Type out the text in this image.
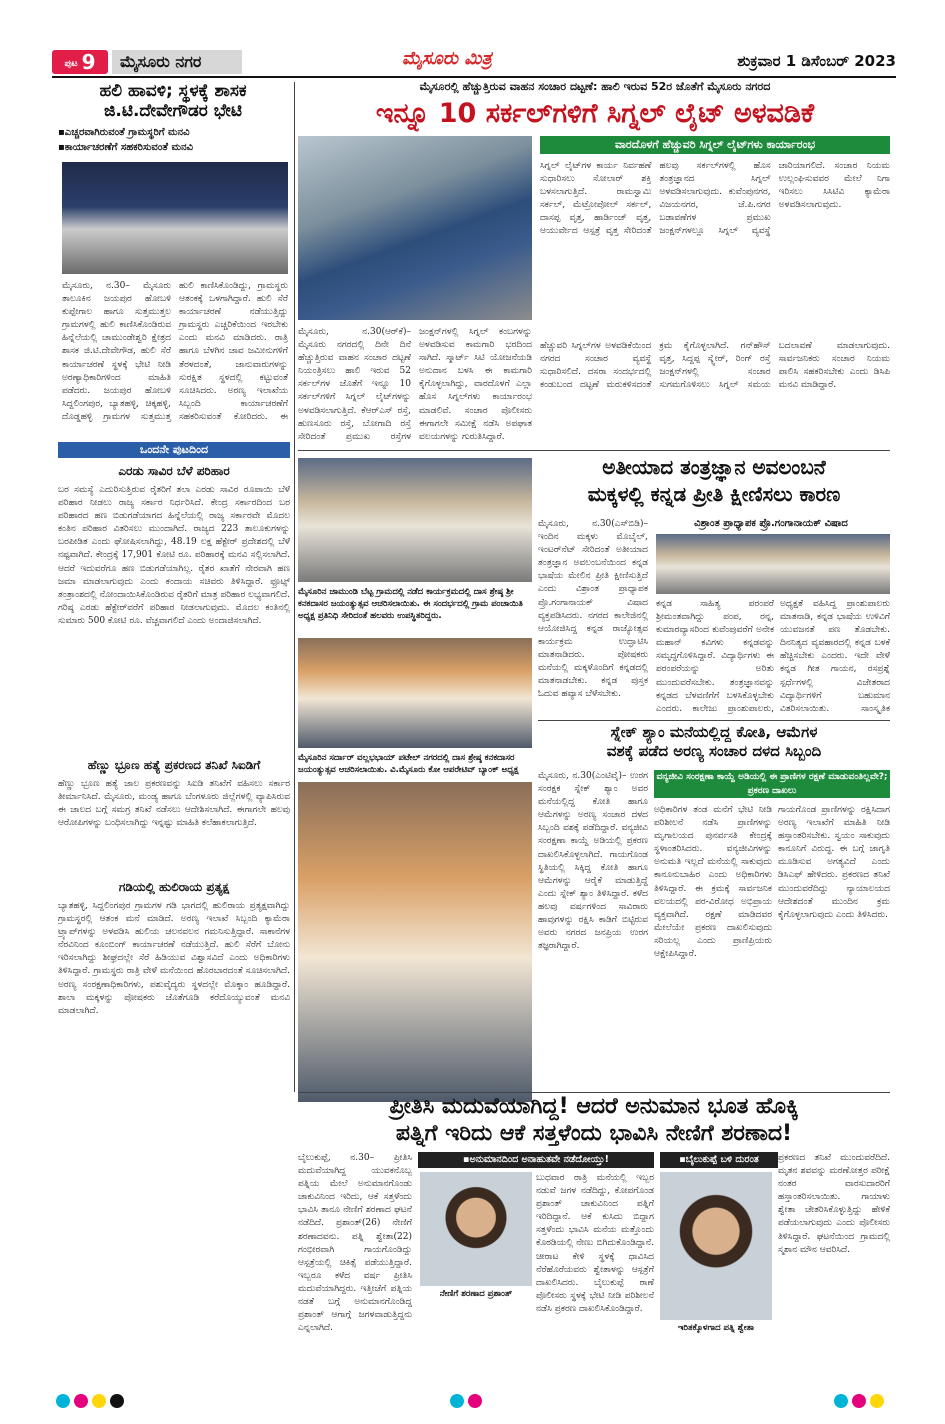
ಪುಟ 9	ಮೈಸೂರು ನಗರ	ಮೈಸೂರು ಮಿತ್ರ	ಶುಕ್ರವಾರ 1 ಡಿಸೆಂಬರ್ 2023
ಹಲಿ ಹಾವಳಿ; ಸ್ಥಳಕ್ಕೆ ಶಾಸಕ ಜಿ.ಟಿ.ದೇವೇಗೌಡರ ಭೇಟಿ
▪ಎಚ್ಚರವಾಗಿರುವಂತೆ ಗ್ರಾಮಸ್ಥರಿಗೆ ಮನವಿ
▪ಕಾರ್ಯಾಚರಣೆಗೆ ಸಹಕರಿಸುವಂತೆ ಮನವಿ
ಮೈಸೂರು, ನ.30– ಮೈಸೂರು ತಾಲೂಕಿನ ಜಯಪುರ ಹೋಬಳಿ ಕುಪ್ಪೇಗಾಲ ಹಾಗೂ ಸುತ್ತಮುತ್ತಲ ಗ್ರಾಮಗಳಲ್ಲಿ ಹುಲಿ ಕಾಣಿಸಿಕೊಂಡಿರುವ ಹಿನ್ನೆಲೆಯಲ್ಲಿ ಚಾಮುಂಡೇಶ್ವರಿ ಕ್ಷೇತ್ರದ ಶಾಸಕ ಜಿ.ಟಿ.ದೇವೇಗೌಡ, ಹುಲಿ ಸೆರೆ ಕಾರ್ಯಾಚರಣೆ ಸ್ಥಳಕ್ಕೆ ಭೇಟಿ ನೀಡಿ ಅರಣ್ಯಾಧಿಕಾರಿಗಳಿಂದ ಮಾಹಿತಿ ಪಡೆದರು. ಜಯಪುರ ಹೋಬಳಿ ಸಿದ್ದಲಿಂಗಪುರ, ಬ್ಯಾತಹಳ್ಳಿ, ಚಿಕ್ಕಹಳ್ಳಿ, ದೊಡ್ಡಹಳ್ಳಿ ಗ್ರಾಮಗಳ ಸುತ್ತಮುತ್ತ ಹುಲಿ ಕಾಣಿಸಿಕೊಂಡಿದ್ದು, ಗ್ರಾಮಸ್ಥರು ಆತಂಕಕ್ಕೆ ಒಳಗಾಗಿದ್ದಾರೆ. ಹುಲಿ ಸೆರೆ ಕಾರ್ಯಾಚರಣೆ ನಡೆಯುತ್ತಿದ್ದು ಗ್ರಾಮಸ್ಥರು ಎಚ್ಚರಿಕೆಯಿಂದ ಇರಬೇಕು ಎಂದು ಮನವಿ ಮಾಡಿದರು. ರಾತ್ರಿ ಹಾಗೂ ಬೆಳಗಿನ ಜಾವ ಜಮೀನುಗಳಿಗೆ ತೆರಳದಂತೆ, ಜಾನುವಾರುಗಳನ್ನು ಸುರಕ್ಷಿತ ಸ್ಥಳದಲ್ಲಿ ಕಟ್ಟುವಂತೆ ಸೂಚಿಸಿದರು. ಅರಣ್ಯ ಇಲಾಖೆಯ ಸಿಬ್ಬಂದಿ ಕಾರ್ಯಾಚರಣೆಗೆ ಸಹಕರಿಸುವಂತೆ ಕೋರಿದರು. ಈ
ಒಂದನೇ ಪುಟದಿಂದ
ಎರಡು ಸಾವಿರ ಬೆಳೆ ಪರಿಹಾರ
ಬರ ಸಮಸ್ಯೆ ಎದುರಿಸುತ್ತಿರುವ ರೈತರಿಗೆ ತಲಾ ಎರಡು ಸಾವಿರ ರೂಪಾಯಿ ಬೆಳೆ ಪರಿಹಾರ ನೀಡಲು ರಾಜ್ಯ ಸರ್ಕಾರ ನಿರ್ಧರಿಸಿದೆ. ಕೇಂದ್ರ ಸರ್ಕಾರದಿಂದ ಬರ ಪರಿಹಾರದ ಹಣ ಬಿಡುಗಡೆಯಾಗದ ಹಿನ್ನೆಲೆಯಲ್ಲಿ ರಾಜ್ಯ ಸರ್ಕಾರವೇ ಮೊದಲ ಕಂತಿನ ಪರಿಹಾರ ವಿತರಿಸಲು ಮುಂದಾಗಿದೆ. ರಾಜ್ಯದ 223 ತಾಲೂಕುಗಳನ್ನು ಬರಪೀಡಿತ ಎಂದು ಘೋಷಿಸಲಾಗಿದ್ದು, 48.19 ಲಕ್ಷ ಹೆಕ್ಟೇರ್ ಪ್ರದೇಶದಲ್ಲಿ ಬೆಳೆ ನಷ್ಟವಾಗಿದೆ. ಕೇಂದ್ರಕ್ಕೆ 17,901 ಕೋಟಿ ರೂ. ಪರಿಹಾರಕ್ಕೆ ಮನವಿ ಸಲ್ಲಿಸಲಾಗಿದೆ. ಆದರೆ ಇದುವರೆಗೂ ಹಣ ಬಿಡುಗಡೆಯಾಗಿಲ್ಲ. ರೈತರ ಖಾತೆಗೆ ನೇರವಾಗಿ ಹಣ ಜಮಾ ಮಾಡಲಾಗುವುದು ಎಂದು ಕಂದಾಯ ಸಚಿವರು ತಿಳಿಸಿದ್ದಾರೆ. ಫ್ರೂಟ್ಸ್ ತಂತ್ರಾಂಶದಲ್ಲಿ ನೋಂದಾಯಿಸಿಕೊಂಡಿರುವ ರೈತರಿಗೆ ಮಾತ್ರ ಪರಿಹಾರ ಲಭ್ಯವಾಗಲಿದೆ. ಗರಿಷ್ಠ ಎರಡು ಹೆಕ್ಟೇರ್‌ವರೆಗೆ ಪರಿಹಾರ ನೀಡಲಾಗುವುದು. ಮೊದಲ ಕಂತಿನಲ್ಲಿ ಸುಮಾರು 500 ಕೋಟಿ ರೂ. ವೆಚ್ಚವಾಗಲಿದೆ ಎಂದು ಅಂದಾಜಿಸಲಾಗಿದೆ.
ಹೆಣ್ಣು ಭ್ರೂಣ ಹತ್ಯೆ ಪ್ರಕರಣದ ತನಿಖೆ ಸಿಐಡಿಗೆ
ಹೆಣ್ಣು ಭ್ರೂಣ ಹತ್ಯೆ ಜಾಲ ಪ್ರಕರಣವನ್ನು ಸಿಐಡಿ ತನಿಖೆಗೆ ವಹಿಸಲು ಸರ್ಕಾರ ತೀರ್ಮಾನಿಸಿದೆ. ಮೈಸೂರು, ಮಂಡ್ಯ ಹಾಗೂ ಬೆಂಗಳೂರು ಜಿಲ್ಲೆಗಳಲ್ಲಿ ವ್ಯಾಪಿಸಿರುವ ಈ ಜಾಲದ ಬಗ್ಗೆ ಸಮಗ್ರ ತನಿಖೆ ನಡೆಸಲು ಆದೇಶಿಸಲಾಗಿದೆ. ಈಗಾಗಲೇ ಹಲವು ಆರೋಪಿಗಳನ್ನು ಬಂಧಿಸಲಾಗಿದ್ದು ಇನ್ನಷ್ಟು ಮಾಹಿತಿ ಕಲೆಹಾಕಲಾಗುತ್ತಿದೆ.
ಗಡಿಯಲ್ಲಿ ಹುಲಿರಾಯ ಪ್ರತ್ಯಕ್ಷ
ಬ್ಯಾತಹಳ್ಳಿ, ಸಿದ್ದಲಿಂಗಪುರ ಗ್ರಾಮಗಳ ಗಡಿ ಭಾಗದಲ್ಲಿ ಹುಲಿರಾಯ ಪ್ರತ್ಯಕ್ಷವಾಗಿದ್ದು ಗ್ರಾಮಸ್ಥರಲ್ಲಿ ಆತಂಕ ಮನೆ ಮಾಡಿದೆ. ಅರಣ್ಯ ಇಲಾಖೆ ಸಿಬ್ಬಂದಿ ಕ್ಯಾಮೆರಾ ಟ್ರ್ಯಾಪ್‌ಗಳನ್ನು ಅಳವಡಿಸಿ ಹುಲಿಯ ಚಲನವಲನ ಗಮನಿಸುತ್ತಿದ್ದಾರೆ. ಸಾಕಾನೆಗಳ ನೆರವಿನಿಂದ ಕೂಂಬಿಂಗ್ ಕಾರ್ಯಾಚರಣೆ ನಡೆಯುತ್ತಿದೆ. ಹುಲಿ ಸೆರೆಗೆ ಬೋನು ಇರಿಸಲಾಗಿದ್ದು ಶೀಘ್ರದಲ್ಲೇ ಸೆರೆ ಹಿಡಿಯುವ ವಿಶ್ವಾಸವಿದೆ ಎಂದು ಅಧಿಕಾರಿಗಳು ತಿಳಿಸಿದ್ದಾರೆ. ಗ್ರಾಮಸ್ಥರು ರಾತ್ರಿ ವೇಳೆ ಮನೆಯಿಂದ ಹೊರಬಾರದಂತೆ ಸೂಚಿಸಲಾಗಿದೆ. ಅರಣ್ಯ ಸಂರಕ್ಷಣಾಧಿಕಾರಿಗಳು, ಪಶುವೈದ್ಯರು ಸ್ಥಳದಲ್ಲೇ ಮೊಕ್ಕಾಂ ಹೂಡಿದ್ದಾರೆ. ಶಾಲಾ ಮಕ್ಕಳನ್ನು ಪೋಷಕರು ಜೊತೆಗೂಡಿ ಕರೆದೊಯ್ಯುವಂತೆ ಮನವಿ ಮಾಡಲಾಗಿದೆ.
ಮೈಸೂರಲ್ಲಿ ಹೆಚ್ಚುತ್ತಿರುವ ವಾಹನ ಸಂಚಾರ ದಟ್ಟಣೆ: ಹಾಲಿ ಇರುವ 52ರ ಜೊತೆಗೆ ಮೈಸೂರು ನಗರದ
ಇನ್ನೂ 10 ಸರ್ಕಲ್‌ಗಳಿಗೆ ಸಿಗ್ನಲ್ ಲೈಟ್ ಅಳವಡಿಕೆ
ವಾರದೊಳಗೆ ಹೆಚ್ಚುವರಿ ಸಿಗ್ನಲ್ ಲೈಟ್‌ಗಳು ಕಾರ್ಯಾರಂಭ
ಮೈಸೂರು, ನ.30(ಆರ್‌ಕೆ)– ಮೈಸೂರು ನಗರದಲ್ಲಿ ದಿನೇ ದಿನೆ ಹೆಚ್ಚುತ್ತಿರುವ ವಾಹನ ಸಂಚಾರ ದಟ್ಟಣೆ ನಿಯಂತ್ರಿಸಲು ಹಾಲಿ ಇರುವ 52 ಸರ್ಕಲ್‌ಗಳ ಜೊತೆಗೆ ಇನ್ನೂ 10 ಸರ್ಕಲ್‌ಗಳಿಗೆ ಸಿಗ್ನಲ್ ಲೈಟ್‌ಗಳನ್ನು ಅಳವಡಿಸಲಾಗುತ್ತಿದೆ. ಕೆಆರ್‌ಎಸ್ ರಸ್ತೆ, ಹುಣಸೂರು ರಸ್ತೆ, ಬೋಗಾದಿ ರಸ್ತೆ ಸೇರಿದಂತೆ ಪ್ರಮುಖ ರಸ್ತೆಗಳ ಜಂಕ್ಷನ್‌ಗಳಲ್ಲಿ ಸಿಗ್ನಲ್ ಕಂಬಗಳನ್ನು ಅಳವಡಿಸುವ ಕಾಮಗಾರಿ ಭರದಿಂದ ಸಾಗಿದೆ. ಸ್ಮಾರ್ಟ್ ಸಿಟಿ ಯೋಜನೆಯಡಿ ಅನುದಾನ ಬಳಸಿ ಈ ಕಾಮಗಾರಿ ಕೈಗೊಳ್ಳಲಾಗಿದ್ದು, ವಾರದೊಳಗೆ ಎಲ್ಲಾ ಹೊಸ ಸಿಗ್ನಲ್‌ಗಳು ಕಾರ್ಯಾರಂಭ ಮಾಡಲಿವೆ. ಸಂಚಾರ ಪೊಲೀಸರು ಈಗಾಗಲೇ ಸಮೀಕ್ಷೆ ನಡೆಸಿ ಅಪಘಾತ ವಲಯಗಳನ್ನು ಗುರುತಿಸಿದ್ದಾರೆ.
ಸಿಗ್ನಲ್ ಲೈಟ್‌ಗಳ ಕಾರ್ಯ ನಿರ್ವಹಣೆ ಸುಧಾರಿಸಲು ಸೋಲಾರ್ ಶಕ್ತಿ ಬಳಸಲಾಗುತ್ತಿದೆ. ರಾಮಸ್ವಾಮಿ ಸರ್ಕಲ್, ಮೆಟ್ರೋಪೋಲ್ ಸರ್ಕಲ್, ದಾಸಪ್ಪ ವೃತ್ತ, ಹಾರ್ಡಿಂಜ್ ವೃತ್ತ, ಆಯುರ್ವೇದ ಆಸ್ಪತ್ರೆ ವೃತ್ತ ಸೇರಿದಂತೆ ಹಲವು ಸರ್ಕಲ್‌ಗಳಲ್ಲಿ ಹೊಸ ತಂತ್ರಜ್ಞಾನದ ಸಿಗ್ನಲ್ ಅಳವಡಿಸಲಾಗುವುದು. ಕುವೆಂಪುನಗರ, ವಿಜಯನಗರ, ಜೆ.ಪಿ.ನಗರ ಬಡಾವಣೆಗಳ ಪ್ರಮುಖ ಜಂಕ್ಷನ್‌ಗಳಲ್ಲೂ ಸಿಗ್ನಲ್ ವ್ಯವಸ್ಥೆ ಜಾರಿಯಾಗಲಿದೆ. ಸಂಚಾರ ನಿಯಮ ಉಲ್ಲಂಘಿಸುವವರ ಮೇಲೆ ನಿಗಾ ಇರಿಸಲು ಸಿಸಿಟಿವಿ ಕ್ಯಾಮೆರಾ ಅಳವಡಿಸಲಾಗುವುದು.
ಹೆಚ್ಚುವರಿ ಸಿಗ್ನಲ್‌ಗಳ ಅಳವಡಿಕೆಯಿಂದ ನಗರದ ಸಂಚಾರ ವ್ಯವಸ್ಥೆ ಸುಧಾರಿಸಲಿದೆ. ದಸರಾ ಸಂದರ್ಭದಲ್ಲಿ ಕಂಡುಬಂದ ದಟ್ಟಣೆ ಮರುಕಳಿಸದಂತೆ ಕ್ರಮ ಕೈಗೊಳ್ಳಲಾಗಿದೆ. ಗನ್‌ಹೌಸ್ ವೃತ್ತ, ಸಿದ್ದಪ್ಪ ಸ್ಕ್ವೇರ್, ರಿಂಗ್ ರಸ್ತೆ ಜಂಕ್ಷನ್‌ಗಳಲ್ಲಿ ಸಂಚಾರ ಸುಗಮಗೊಳಿಸಲು ಸಿಗ್ನಲ್ ಸಮಯ ಬದಲಾವಣೆ ಮಾಡಲಾಗುವುದು. ಸಾರ್ವಜನಿಕರು ಸಂಚಾರ ನಿಯಮ ಪಾಲಿಸಿ ಸಹಕರಿಸಬೇಕು ಎಂದು ಡಿಸಿಪಿ ಮನವಿ ಮಾಡಿದ್ದಾರೆ.
ಮೈಸೂರಿನ ಜಾಮುಂಡಿ ಬೆಟ್ಟ ಗ್ರಾಮದಲ್ಲಿ ನಡೆದ ಕಾರ್ಯಕ್ರಮದಲ್ಲಿ ದಾಸ ಶ್ರೇಷ್ಠ ಶ್ರೀ ಕನಕದಾಸರ ಜಯಂತ್ಯುತ್ಸವ ಆಚರಿಸಲಾಯಿತು. ಈ ಸಂದರ್ಭದಲ್ಲಿ ಗ್ರಾಮ ಪಂಚಾಯಿತಿ ಅಧ್ಯಕ್ಷ ಪ್ರತಿನಿಧಿ ಸೇರಿದಂತೆ ಹಲವರು ಉಪಸ್ಥಿತರಿದ್ದರು.
ಮೈಸೂರಿನ ಸರ್ದಾರ್ ವಲ್ಲಭಭಾಯ್ ಪಟೇಲ್ ನಗರದಲ್ಲಿ ದಾಸ ಶ್ರೇಷ್ಠ ಕನಕದಾಸರ ಜಯಂತ್ಯುತ್ಸವ ಆಚರಿಸಲಾಯಿತು. ವಿ.ಮೈಸೂರು ಕೋ ಆಪರೇಟಿವ್ ಬ್ಯಾಂಕ್ ಅಧ್ಯಕ್ಷ
ಅತೀಯಾದ ತಂತ್ರಜ್ಞಾನ ಅವಲಂಬನೆ
ಮಕ್ಕಳಲ್ಲಿ ಕನ್ನಡ ಪ್ರೀತಿ ಕ್ಷೀಣಿಸಲು ಕಾರಣ
ವಿಶ್ರಾಂತ ಪ್ರಾಧ್ಯಾಪಕ ಪ್ರೊ.ಗಂಗಾನಾಯಕ್ ವಿಷಾದ
ಮೈಸೂರು, ನ.30(ಎಸ್‌ಬಿಡಿ)– ಇಂದಿನ ಮಕ್ಕಳು ಮೊಬೈಲ್, ಇಂಟರ್‌ನೆಟ್ ಸೇರಿದಂತೆ ಅತೀಯಾದ ತಂತ್ರಜ್ಞಾನ ಅವಲಂಬನೆಯಿಂದ ಕನ್ನಡ ಭಾಷೆಯ ಮೇಲಿನ ಪ್ರೀತಿ ಕ್ಷೀಣಿಸುತ್ತಿದೆ ಎಂದು ವಿಶ್ರಾಂತ ಪ್ರಾಧ್ಯಾಪಕ ಪ್ರೊ.ಗಂಗಾನಾಯಕ್ ವಿಷಾದ ವ್ಯಕ್ತಪಡಿಸಿದರು. ನಗರದ ಕಾಲೇಜಿನಲ್ಲಿ ಆಯೋಜಿಸಿದ್ದ ಕನ್ನಡ ರಾಜ್ಯೋತ್ಸವ ಕಾರ್ಯಕ್ರಮ ಉದ್ಘಾಟಿಸಿ ಮಾತನಾಡಿದರು. ಪೋಷಕರು ಮನೆಯಲ್ಲಿ ಮಕ್ಕಳೊಂದಿಗೆ ಕನ್ನಡದಲ್ಲಿ ಮಾತನಾಡಬೇಕು. ಕನ್ನಡ ಪುಸ್ತಕ ಓದುವ ಹವ್ಯಾಸ ಬೆಳೆಸಬೇಕು.
ಕನ್ನಡ ಸಾಹಿತ್ಯ ಪರಂಪರೆ ಶ್ರೀಮಂತವಾಗಿದ್ದು ಪಂಪ, ರನ್ನ, ಕುಮಾರವ್ಯಾಸರಿಂದ ಕುವೆಂಪುವರೆಗೆ ಅನೇಕ ಮಹಾನ್ ಕವಿಗಳು ಕನ್ನಡವನ್ನು ಸಮೃದ್ಧಗೊಳಿಸಿದ್ದಾರೆ. ವಿದ್ಯಾರ್ಥಿಗಳು ಈ ಪರಂಪರೆಯನ್ನು ಅರಿತು ಮುಂದುವರೆಸಬೇಕು. ತಂತ್ರಜ್ಞಾನವನ್ನು ಕನ್ನಡದ ಬೆಳವಣಿಗೆಗೆ ಬಳಸಿಕೊಳ್ಳಬೇಕು ಎಂದರು. ಕಾಲೇಜು ಪ್ರಾಂಶುಪಾಲರು,
ಅಧ್ಯಕ್ಷತೆ ವಹಿಸಿದ್ದ ಪ್ರಾಂಶುಪಾಲರು ಮಾತನಾಡಿ, ಕನ್ನಡ ಭಾಷೆಯ ಉಳಿವಿಗೆ ಯುವಜನತೆ ಪಣ ತೊಡಬೇಕು. ದಿನನಿತ್ಯದ ವ್ಯವಹಾರದಲ್ಲಿ ಕನ್ನಡ ಬಳಕೆ ಹೆಚ್ಚಿಸಬೇಕು ಎಂದರು. ಇದೇ ವೇಳೆ ಕನ್ನಡ ಗೀತ ಗಾಯನ, ರಸಪ್ರಶ್ನೆ ಸ್ಪರ್ಧೆಗಳಲ್ಲಿ ವಿಜೇತರಾದ ವಿದ್ಯಾರ್ಥಿಗಳಿಗೆ ಬಹುಮಾನ ವಿತರಿಸಲಾಯಿತು. ಸಾಂಸ್ಕೃತಿಕ
ಸ್ನೇಕ್ ಶ್ಯಾಂ ಮನೆಯಲ್ಲಿದ್ದ ಕೋತಿ, ಆಮೆಗಳ
ವಶಕ್ಕೆ ಪಡೆದ ಅರಣ್ಯ ಸಂಚಾರ ದಳದ ಸಿಬ್ಬಂದಿ
ವನ್ಯಜೀವಿ ಸಂರಕ್ಷಣಾ ಕಾಯ್ದೆ ಅಡಿಯಲ್ಲಿ ಈ ಪ್ರಾಣಿಗಳ ರಕ್ಷಣೆ ಮಾಡುವಂತಿಲ್ಲವೇ?; ಪ್ರಕರಣ ದಾಖಲು
ಮೈಸೂರು, ನ.30(ಎಂಟಿವೈ)– ಉರಗ ಸಂರಕ್ಷಕ ಸ್ನೇಕ್ ಶ್ಯಾಂ ಅವರ ಮನೆಯಲ್ಲಿದ್ದ ಕೋತಿ ಹಾಗೂ ಆಮೆಗಳನ್ನು ಅರಣ್ಯ ಸಂಚಾರ ದಳದ ಸಿಬ್ಬಂದಿ ವಶಕ್ಕೆ ಪಡೆದಿದ್ದಾರೆ. ವನ್ಯಜೀವಿ ಸಂರಕ್ಷಣಾ ಕಾಯ್ದೆ ಅಡಿಯಲ್ಲಿ ಪ್ರಕರಣ ದಾಖಲಿಸಿಕೊಳ್ಳಲಾಗಿದೆ. ಗಾಯಗೊಂಡ ಸ್ಥಿತಿಯಲ್ಲಿ ಸಿಕ್ಕಿದ್ದ ಕೋತಿ ಹಾಗೂ ಆಮೆಗಳನ್ನು ಆರೈಕೆ ಮಾಡುತ್ತಿದ್ದೆ ಎಂದು ಸ್ನೇಕ್ ಶ್ಯಾಂ ತಿಳಿಸಿದ್ದಾರೆ. ಕಳೆದ ಹಲವು ವರ್ಷಗಳಿಂದ ಸಾವಿರಾರು ಹಾವುಗಳನ್ನು ರಕ್ಷಿಸಿ ಕಾಡಿಗೆ ಬಿಟ್ಟಿರುವ ಅವರು ನಗರದ ಜನಪ್ರಿಯ ಉರಗ ತಜ್ಞರಾಗಿದ್ದಾರೆ.
ಅಧಿಕಾರಿಗಳ ತಂಡ ಮನೆಗೆ ಭೇಟಿ ನೀಡಿ ಪರಿಶೀಲನೆ ನಡೆಸಿ ಪ್ರಾಣಿಗಳನ್ನು ಮೃಗಾಲಯದ ಪುನರ್ವಸತಿ ಕೇಂದ್ರಕ್ಕೆ ಸ್ಥಳಾಂತರಿಸಿದರು. ವನ್ಯಜೀವಿಗಳನ್ನು ಅನುಮತಿ ಇಲ್ಲದೆ ಮನೆಯಲ್ಲಿ ಸಾಕುವುದು ಕಾನೂನುಬಾಹಿರ ಎಂದು ಅಧಿಕಾರಿಗಳು ತಿಳಿಸಿದ್ದಾರೆ. ಈ ಕ್ರಮಕ್ಕೆ ಸಾರ್ವಜನಿಕ ವಲಯದಲ್ಲಿ ಪರ-ವಿರೋಧ ಅಭಿಪ್ರಾಯ ವ್ಯಕ್ತವಾಗಿದೆ. ರಕ್ಷಣೆ ಮಾಡಿದವರ ಮೇಲೆಯೇ ಪ್ರಕರಣ ದಾಖಲಿಸುವುದು ಸರಿಯಲ್ಲ ಎಂದು ಪ್ರಾಣಿಪ್ರಿಯರು ಆಕ್ಷೇಪಿಸಿದ್ದಾರೆ.
ಗಾಯಗೊಂಡ ಪ್ರಾಣಿಗಳನ್ನು ರಕ್ಷಿಸಿದಾಗ ಅರಣ್ಯ ಇಲಾಖೆಗೆ ಮಾಹಿತಿ ನೀಡಿ ಹಸ್ತಾಂತರಿಸಬೇಕು. ಸ್ವಯಂ ಸಾಕುವುದು ಕಾನೂನಿಗೆ ವಿರುದ್ಧ. ಈ ಬಗ್ಗೆ ಜಾಗೃತಿ ಮೂಡಿಸುವ ಅಗತ್ಯವಿದೆ ಎಂದು ಡಿಸಿಎಫ್ ಹೇಳಿದರು. ಪ್ರಕರಣದ ತನಿಖೆ ಮುಂದುವರೆದಿದ್ದು ನ್ಯಾಯಾಲಯದ ಆದೇಶದಂತೆ ಮುಂದಿನ ಕ್ರಮ ಕೈಗೊಳ್ಳಲಾಗುವುದು ಎಂದು ತಿಳಿಸಿದರು.
ಪ್ರೀತಿಸಿ ಮದುವೆಯಾಗಿದ್ದ! ಆದರೆ ಅನುಮಾನ ಭೂತ ಹೊಕ್ಕಿ
ಪತ್ನಿಗೆ ಇರಿದು ಆಕೆ ಸತ್ತಳೆಂದು ಭಾವಿಸಿ ನೇಣಿಗೆ ಶರಣಾದ!
▪ಅನುಮಾನದಿಂದ ಅನಾಹುತವೇ ನಡೆದೋಯ್ತು!	▪ಬೈಲುಕುಪ್ಪೆ ಬಳಿ ದುರಂತ
ಬೈಲುಕುಪ್ಪೆ, ನ.30– ಪ್ರೀತಿಸಿ ಮದುವೆಯಾಗಿದ್ದ ಯುವಕನೊಬ್ಬ ಪತ್ನಿಯ ಮೇಲೆ ಅನುಮಾನಗೊಂಡು ಚಾಕುವಿನಿಂದ ಇರಿದು, ಆಕೆ ಸತ್ತಳೆಂದು ಭಾವಿಸಿ ತಾನೂ ನೇಣಿಗೆ ಶರಣಾದ ಘಟನೆ ನಡೆದಿದೆ. ಪ್ರಶಾಂತ್(26) ನೇಣಿಗೆ ಶರಣಾದವನು. ಪತ್ನಿ ಶ್ವೇತಾ(22) ಗಂಭೀರವಾಗಿ ಗಾಯಗೊಂಡಿದ್ದು ಆಸ್ಪತ್ರೆಯಲ್ಲಿ ಚಿಕಿತ್ಸೆ ಪಡೆಯುತ್ತಿದ್ದಾರೆ. ಇಬ್ಬರೂ ಕಳೆದ ವರ್ಷ ಪ್ರೀತಿಸಿ ಮದುವೆಯಾಗಿದ್ದರು. ಇತ್ತೀಚೆಗೆ ಪತ್ನಿಯ ನಡತೆ ಬಗ್ಗೆ ಅನುಮಾನಗೊಂಡಿದ್ದ ಪ್ರಶಾಂತ್ ಆಗಾಗ್ಗೆ ಜಗಳವಾಡುತ್ತಿದ್ದನು ಎನ್ನಲಾಗಿದೆ.
ನೇಣಿಗೆ ಶರಣಾದ ಪ್ರಶಾಂತ್
ಬುಧವಾರ ರಾತ್ರಿ ಮನೆಯಲ್ಲಿ ಇಬ್ಬರ ನಡುವೆ ಜಗಳ ನಡೆದಿದ್ದು, ಕೋಪಗೊಂಡ ಪ್ರಶಾಂತ್ ಚಾಕುವಿನಿಂದ ಪತ್ನಿಗೆ ಇರಿದಿದ್ದಾನೆ. ಆಕೆ ಕುಸಿದು ಬಿದ್ದಾಗ ಸತ್ತಳೆಂದು ಭಾವಿಸಿ ಮನೆಯ ಮತ್ತೊಂದು ಕೊಠಡಿಯಲ್ಲಿ ನೇಣು ಬಿಗಿದುಕೊಂಡಿದ್ದಾನೆ. ಚೀರಾಟ ಕೇಳಿ ಸ್ಥಳಕ್ಕೆ ಧಾವಿಸಿದ ನೆರೆಹೊರೆಯವರು ಶ್ವೇತಾಳನ್ನು ಆಸ್ಪತ್ರೆಗೆ ದಾಖಲಿಸಿದರು. ಬೈಲುಕುಪ್ಪೆ ಠಾಣೆ ಪೊಲೀಸರು ಸ್ಥಳಕ್ಕೆ ಭೇಟಿ ನೀಡಿ ಪರಿಶೀಲನೆ ನಡೆಸಿ ಪ್ರಕರಣ ದಾಖಲಿಸಿಕೊಂಡಿದ್ದಾರೆ.
ಇರಿತಕ್ಕೊಳಗಾದ ಪತ್ನಿ ಶ್ವೇತಾ
ಪ್ರಕರಣದ ತನಿಖೆ ಮುಂದುವರೆದಿದೆ. ಮೃತನ ಶವವನ್ನು ಮರಣೋತ್ತರ ಪರೀಕ್ಷೆ ನಂತರ ವಾರಸುದಾರರಿಗೆ ಹಸ್ತಾಂತರಿಸಲಾಯಿತು. ಗಾಯಾಳು ಶ್ವೇತಾ ಚೇತರಿಸಿಕೊಳ್ಳುತ್ತಿದ್ದು ಹೇಳಿಕೆ ಪಡೆಯಲಾಗುವುದು ಎಂದು ಪೊಲೀಸರು ತಿಳಿಸಿದ್ದಾರೆ. ಘಟನೆಯಿಂದ ಗ್ರಾಮದಲ್ಲಿ ಸ್ಮಶಾನ ಮೌನ ಆವರಿಸಿದೆ.
